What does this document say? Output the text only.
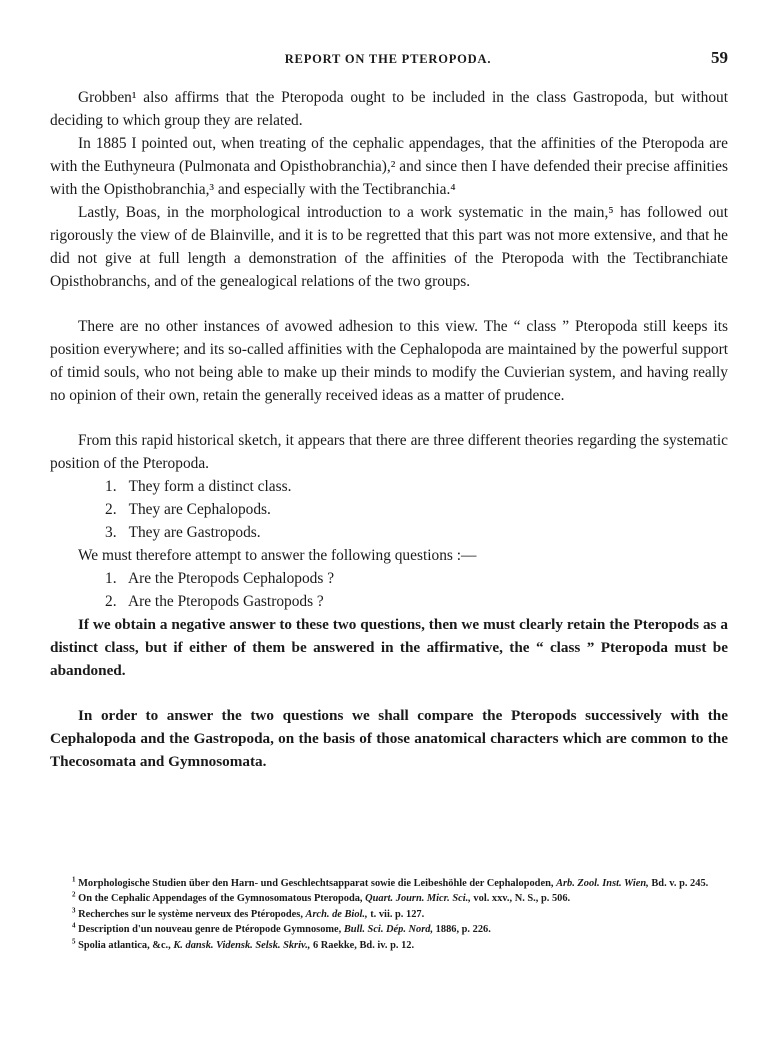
REPORT ON THE PTEROPODA.	59

Grobben¹ also affirms that the Pteropoda ought to be included in the class Gastropoda, but without deciding to which group they are related.

In 1885 I pointed out, when treating of the cephalic appendages, that the affinities of the Pteropoda are with the Euthyneura (Pulmonata and Opisthobranchia),² and since then I have defended their precise affinities with the Opisthobranchia,³ and especially with the Tectibranchia.⁴

Lastly, Boas, in the morphological introduction to a work systematic in the main,⁵ has followed out rigorously the view of de Blainville, and it is to be regretted that this part was not more extensive, and that he did not give at full length a demonstration of the affinities of the Pteropoda with the Tectibranchiate Opisthobranchs, and of the genealogical relations of the two groups.

There are no other instances of avowed adhesion to this view. The “ class ” Pteropoda still keeps its position everywhere; and its so-called affinities with the Cephalopoda are maintained by the powerful support of timid souls, who not being able to make up their minds to modify the Cuvierian system, and having really no opinion of their own, retain the generally received ideas as a matter of prudence.

From this rapid historical sketch, it appears that there are three different theories regarding the systematic position of the Pteropoda.

1. They form a distinct class.
2. They are Cephalopods.
3. They are Gastropods.

We must therefore attempt to answer the following questions :—

1. Are the Pteropods Cephalopods ?
2. Are the Pteropods Gastropods ?

If we obtain a negative answer to these two questions, then we must clearly retain the Pteropods as a distinct class, but if either of them be answered in the affirmative, the “ class ” Pteropoda must be abandoned.

In order to answer the two questions we shall compare the Pteropods successively with the Cephalopoda and the Gastropoda, on the basis of those anatomical characters which are common to the Thecosomata and Gymnosomata.

$^1$ Morphologische Studien über den Harn- und Geschlechtsapparat sowie die Leibeshöhle der Cephalopoden, Arb. Zool. Inst. Wien, Bd. v. p. 245.

$^2$ On the Cephalic Appendages of the Gymnosomatous Pteropoda, Quart. Journ. Micr. Sci., vol. xxv., N. S., p. 506.

$^3$ Recherches sur le système nerveux des Ptéropodes, Arch. de Biol., t. vii. p. 127.

$^4$ Description d'un nouveau genre de Ptéropode Gymnosome, Bull. Sci. Dép. Nord, 1886, p. 226.

$^5$ Spolia atlantica, &c., K. dansk. Vidensk. Selsk. Skriv., 6 Raekke, Bd. iv. p. 12.
